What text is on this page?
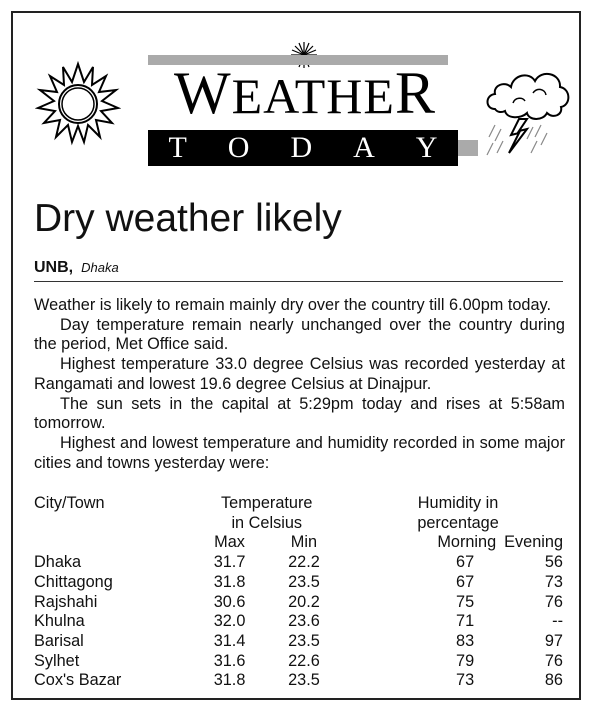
WEATHER
T O D A Y
Dry weather likely
UNB, Dhaka

Weather is likely to remain mainly dry over the country till 6.00pm today.

Day temperature remain nearly unchanged over the country during the period, Met Office said.

Highest temperature 33.0 degree Celsius was recorded yesterday at Rangamati and lowest 19.6 degree Celsius at Dinajpur.

The sun sets in the capital at 5:29pm today and rises at 5:58am tomorrow.

Highest and lowest temperature and humidity recorded in some major cities and towns yesterday were:

City/Town	Temperature		Humidity in	
	in Celsius		percentage	
	Max	Min	Morning	Evening
Dhaka	31.7	22.2	67	56
Chittagong	31.8	23.5	67	73
Rajshahi	30.6	20.2	75	76
Khulna	32.0	23.6	71	--
Barisal	31.4	23.5	83	97
Sylhet	31.6	22.6	79	76
Cox's Bazar	31.8	23.5	73	86
